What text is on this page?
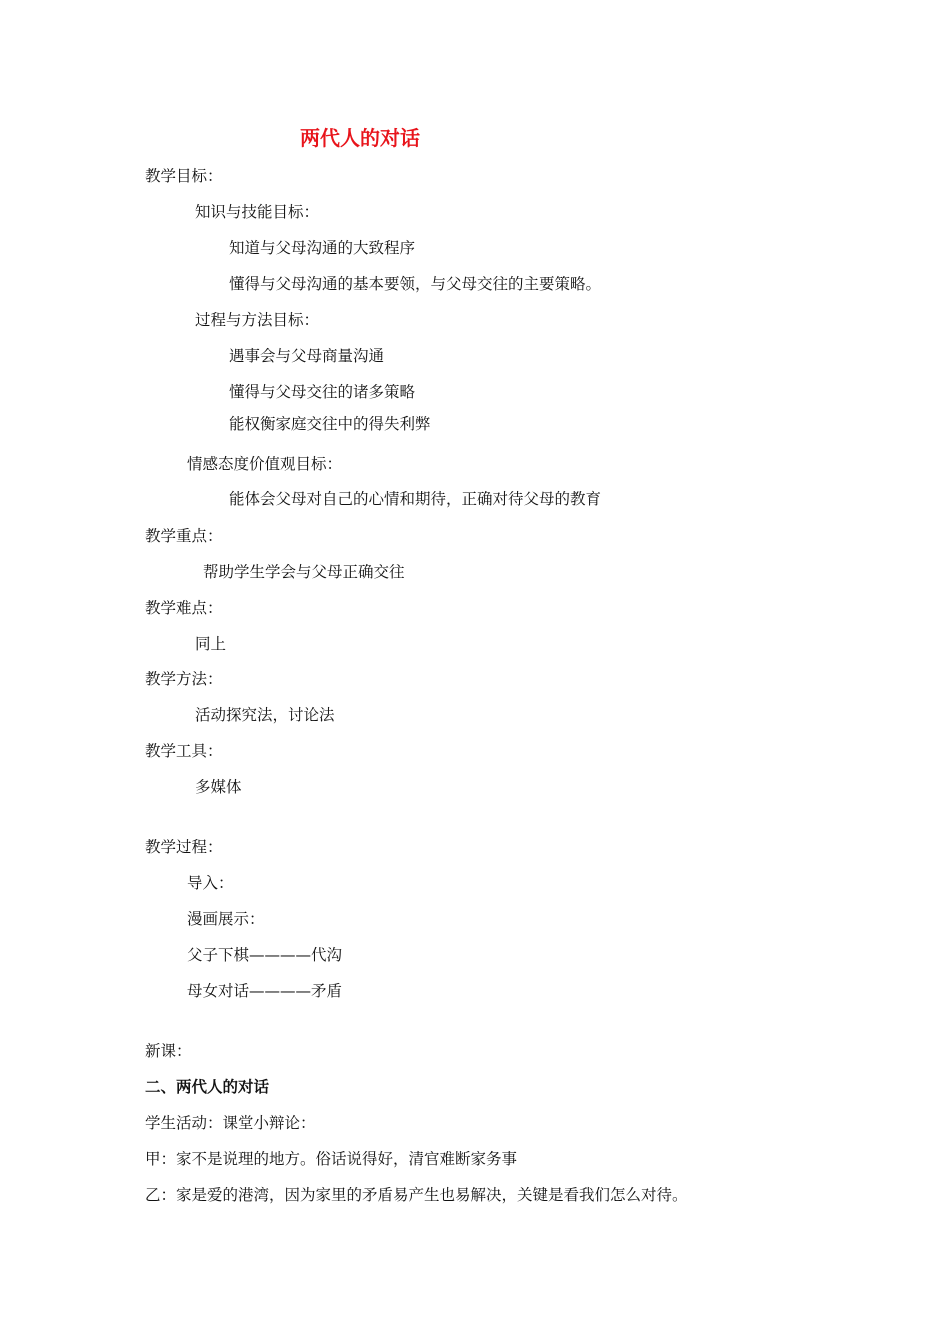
两代人的对话
教学目标：
知识与技能目标：
知道与父母沟通的大致程序
懂得与父母沟通的基本要领，与父母交往的主要策略。
过程与方法目标：
遇事会与父母商量沟通
懂得与父母交往的诸多策略
能权衡家庭交往中的得失利弊
情感态度价值观目标：
能体会父母对自己的心情和期待，正确对待父母的教育
教学重点：
帮助学生学会与父母正确交往
教学难点：
同上
教学方法：
活动探究法，讨论法
教学工具：
多媒体
教学过程：
导入：
漫画展示：
父子下棋————代沟
母女对话————矛盾
新课：
二、两代人的对话
学生活动：课堂小辩论：
甲：家不是说理的地方。俗话说得好，清官难断家务事
乙：家是爱的港湾，因为家里的矛盾易产生也易解决，关键是看我们怎么对待。
